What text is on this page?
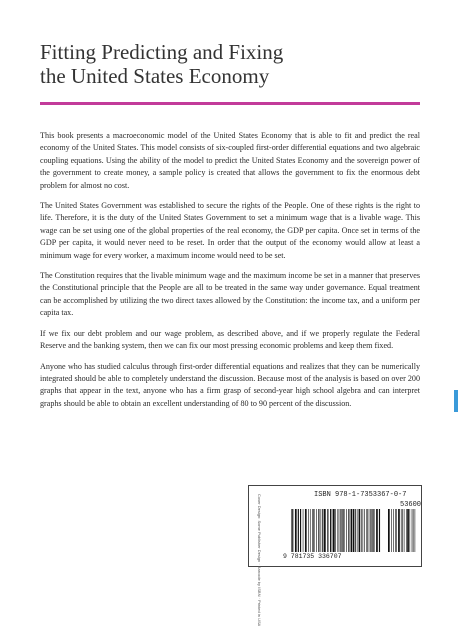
Fitting Predicting and Fixing
the United States Economy

This book presents a macroeconomic model of the United States Economy that is able to fit and predict the real economy of the United States. This model consists of six-coupled first-order differential equations and two algebraic coupling equations. Using the ability of the model to predict the United States Economy and the sovereign power of the government to create money, a sample policy is created that allows the government to fix the enormous debt problem for almost no cost.

The United States Government was established to secure the rights of the People. One of these rights is the right to life. Therefore, it is the duty of the United States Government to set a minimum wage that is a livable wage. This wage can be set using one of the global properties of the real economy, the GDP per capita. Once set in terms of the GDP per capita, it would never need to be reset. In order that the output of the economy would allow at least a minimum wage for every worker, a maximum income would need to be set.

The Constitution requires that the livable minimum wage and the maximum income be set in a manner that preserves the Constitutional principle that the People are all to be treated in the same way under governance. Equal treatment can be accomplished by utilizing the two direct taxes allowed by the Constitution: the income tax, and a uniform per capita tax.

If we fix our debt problem and our wage problem, as described above, and if we properly regulate the Federal Reserve and the banking system, then we can fix our most pressing economic problems and keep them fixed.

Anyone who has studied calculus through first-order differential equations and realizes that they can be numerically integrated should be able to completely understand the discussion. Because most of the analysis is based on over 200 graphs that appear in the text, anyone who has a firm grasp of second-year high school algebra and can interpret graphs should be able to obtain an excellent understanding of 80 to 90 percent of the discussion.

Cover Design: Some Publisher Design · Barcode by ISBN · Printed in USA	ISBN 978-1-7353367-0-7
53600
9 781735 336707
